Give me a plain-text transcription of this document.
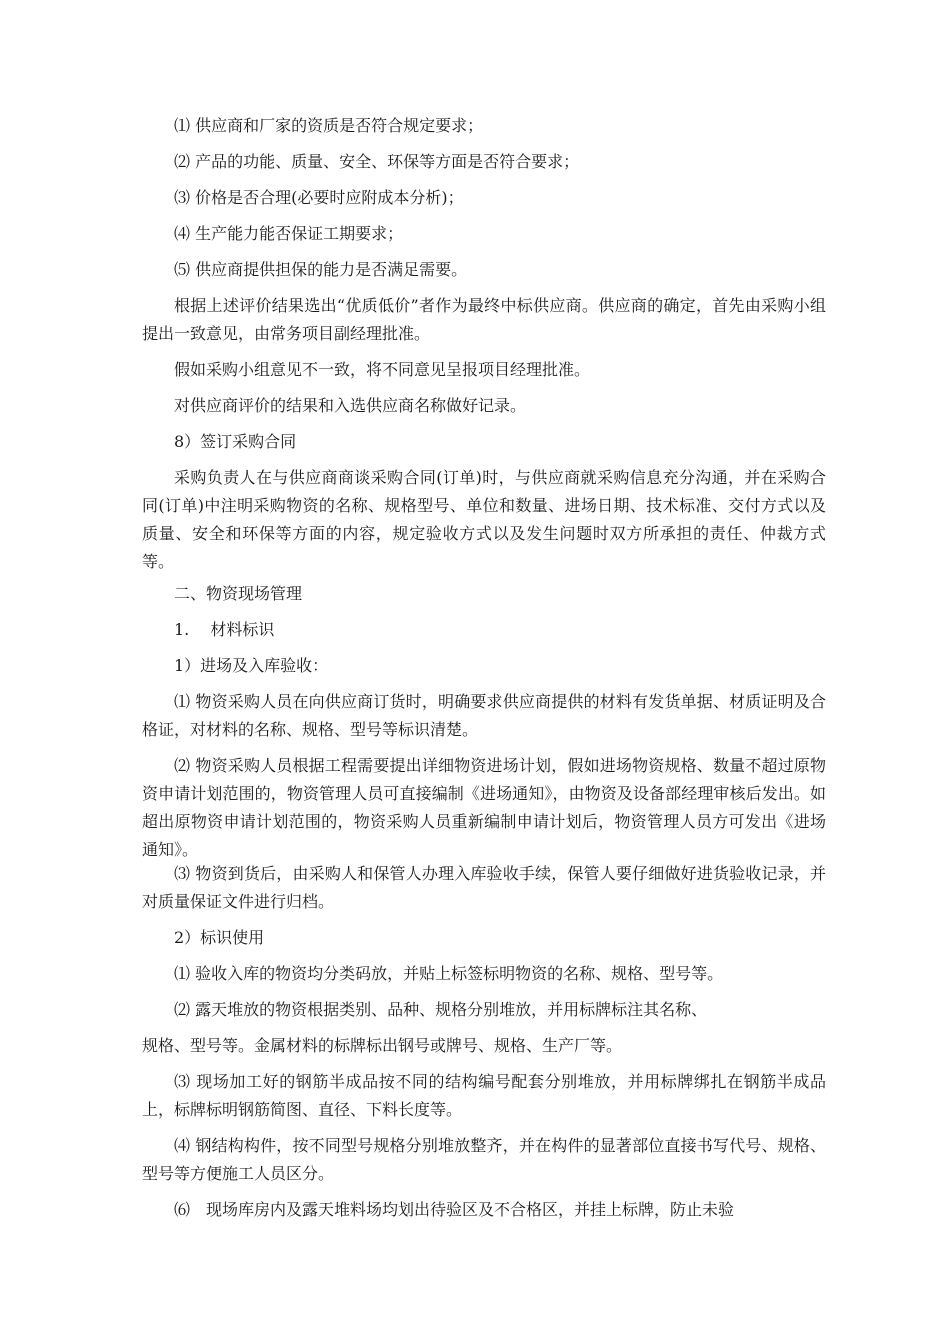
⑴ 供应商和厂家的资质是否符合规定要求；
⑵ 产品的功能、质量、安全、环保等方面是否符合要求；
⑶ 价格是否合理(必要时应附成本分析)；
⑷ 生产能力能否保证工期要求；
⑸ 供应商提供担保的能力是否满足需要。
根据上述评价结果选出“优质低价”者作为最终中标供应商。供应商的确定，首先由采购小组提出一致意见，由常务项目副经理批准。
假如采购小组意见不一致，将不同意见呈报项目经理批准。
对供应商评价的结果和入选供应商名称做好记录。
8）签订采购合同
采购负责人在与供应商商谈采购合同(订单)时，与供应商就采购信息充分沟通，并在采购合同(订单)中注明采购物资的名称、规格型号、单位和数量、进场日期、技术标准、交付方式以及质量、安全和环保等方面的内容，规定验收方式以及发生问题时双方所承担的责任、仲裁方式等。
二、物资现场管理
1.　 材料标识
1）进场及入库验收：
⑴ 物资采购人员在向供应商订货时，明确要求供应商提供的材料有发货单据、材质证明及合格证，对材料的名称、规格、型号等标识清楚。
⑵ 物资采购人员根据工程需要提出详细物资进场计划，假如进场物资规格、数量不超过原物资申请计划范围的，物资管理人员可直接编制《进场通知》，由物资及设备部经理审核后发出。如超出原物资申请计划范围的，物资采购人员重新编制申请计划后，物资管理人员方可发出《进场通知》。
⑶ 物资到货后，由采购人和保管人办理入库验收手续，保管人要仔细做好进货验收记录，并对质量保证文件进行归档。
2）标识使用
⑴ 验收入库的物资均分类码放，并贴上标签标明物资的名称、规格、型号等。
⑵ 露天堆放的物资根据类别、品种、规格分别堆放，并用标牌标注其名称、
规格、型号等。金属材料的标牌标出钢号或牌号、规格、生产厂等。
⑶ 现场加工好的钢筋半成品按不同的结构编号配套分别堆放，并用标牌绑扎在钢筋半成品上，标牌标明钢筋简图、直径、下料长度等。
⑷ 钢结构构件，按不同型号规格分别堆放整齐，并在构件的显著部位直接书写代号、规格、型号等方便施工人员区分。
⑹　现场库房内及露天堆料场均划出待验区及不合格区，并挂上标牌，防止未验
